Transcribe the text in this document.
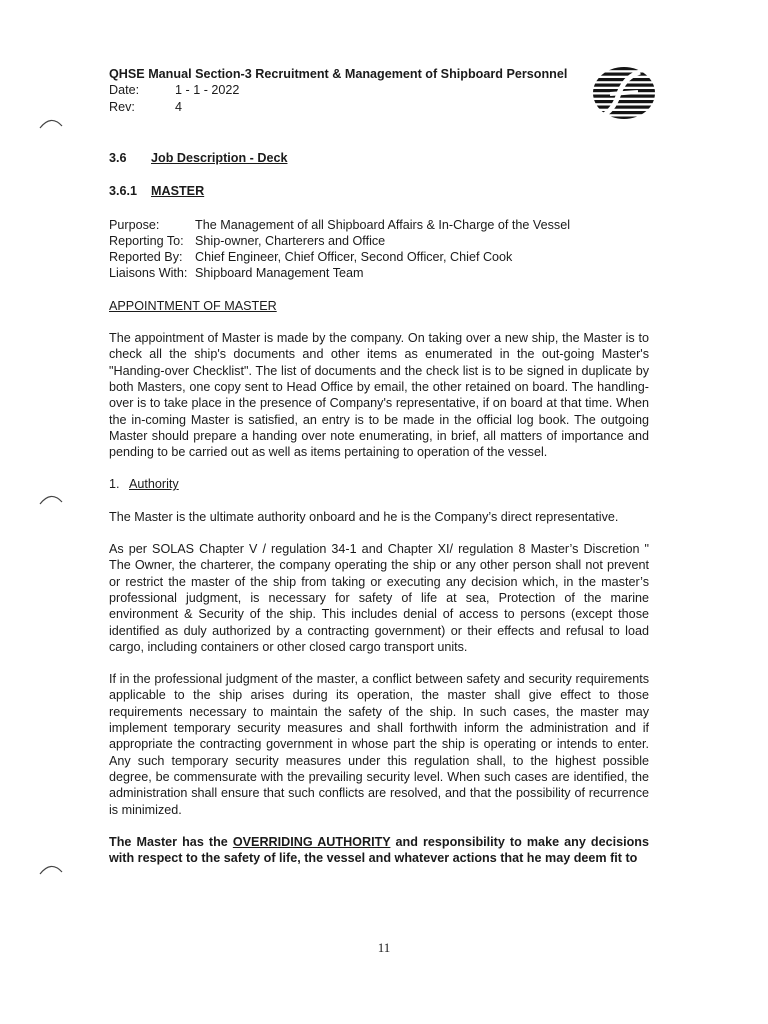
QHSE Manual Section-3 Recruitment & Management of Shipboard Personnel
Date:	1 - 1 - 2022
Rev:	4
3.6	Job Description - Deck
3.6.1	MASTER
Purpose:	The Management of all Shipboard Affairs & In-Charge of the Vessel
Reporting To: Ship-owner, Charterers and Office
Reported By: Chief Engineer, Chief Officer, Second Officer, Chief Cook
Liaisons With: Shipboard Management Team
APPOINTMENT OF MASTER

The appointment of Master is made by the company. On taking over a new ship, the Master is to check all the ship's documents and other items as enumerated in the out-going Master's "Handing-over Checklist". The list of documents and the check list is to be signed in duplicate by both Masters, one copy sent to Head Office by email, the other retained on board. The handling-over is to take place in the presence of Company's representative, if on board at that time. When the in-coming Master is satisfied, an entry is to be made in the official log book. The outgoing Master should prepare a handing over note enumerating, in brief, all matters of importance and pending to be carried out as well as items pertaining to operation of the vessel.

1. Authority

The Master is the ultimate authority onboard and he is the Company’s direct representative.

As per SOLAS Chapter V / regulation 34-1 and Chapter XI/ regulation 8 Master’s Discretion " The Owner, the charterer, the company operating the ship or any other person shall not prevent or restrict the master of the ship from taking or executing any decision which, in the master’s professional judgment, is necessary for safety of life at sea, Protection of the marine environment & Security of the ship. This includes denial of access to persons (except those identified as duly authorized by a contracting government) or their effects and refusal to load cargo, including containers or other closed cargo transport units.

If in the professional judgment of the master, a conflict between safety and security requirements applicable to the ship arises during its operation, the master shall give effect to those requirements necessary to maintain the safety of the ship. In such cases, the master may implement temporary security measures and shall forthwith inform the administration and if appropriate the contracting government in whose part the ship is operating or intends to enter. Any such temporary security measures under this regulation shall, to the highest possible degree, be commensurate with the prevailing security level. When such cases are identified, the administration shall ensure that such conflicts are resolved, and that the possibility of recurrence is minimized.

The Master has the OVERRIDING AUTHORITY and responsibility to make any decisions with respect to the safety of life, the vessel and whatever actions that he may deem fit to

11
